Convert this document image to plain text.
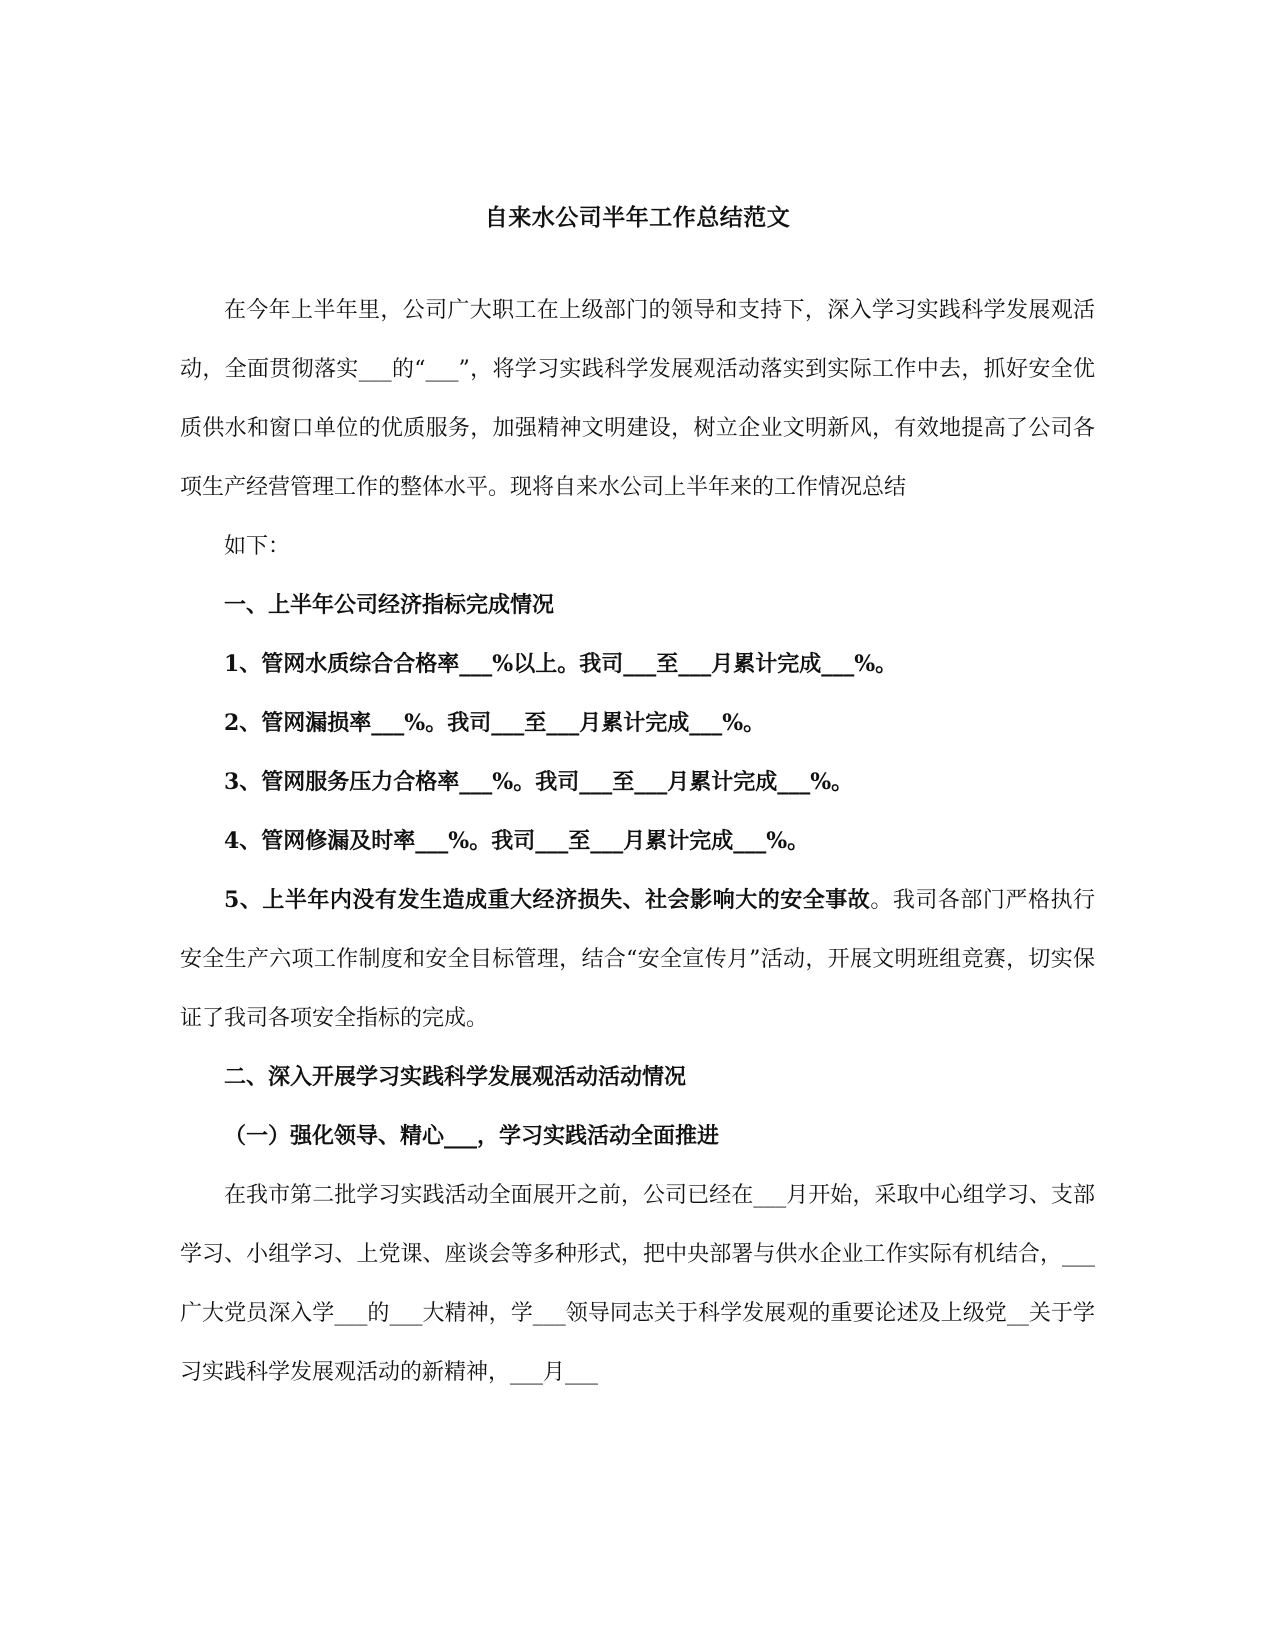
自来水公司半年工作总结范文

在今年上半年里，公司广大职工在上级部门的领导和支持下，深入学习实践科学发展观活动，全面贯彻落实___的“___”，将学习实践科学发展观活动落实到实际工作中去，抓好安全优质供水和窗口单位的优质服务，加强精神文明建设，树立企业文明新风，有效地提高了公司各项生产经营管理工作的整体水平。现将自来水公司上半年来的工作情况总结

如下：

一、上半年公司经济指标完成情况

1、管网水质综合合格率___%以上。我司___至___月累计完成___%。

2、管网漏损率___%。我司___至___月累计完成___%。

3、管网服务压力合格率___%。我司___至___月累计完成___%。

4、管网修漏及时率___%。我司___至___月累计完成___%。

5、上半年内没有发生造成重大经济损失、社会影响大的安全事故。我司各部门严格执行安全生产六项工作制度和安全目标管理，结合“安全宣传月”活动，开展文明班组竞赛，切实保证了我司各项安全指标的完成。

二、深入开展学习实践科学发展观活动活动情况

（一）强化领导、精心___，学习实践活动全面推进

在我市第二批学习实践活动全面展开之前，公司已经在___月开始，采取中心组学习、支部学习、小组学习、上党课、座谈会等多种形式，把中央部署与供水企业工作实际有机结合，___广大党员深入学___的___大精神，学___领导同志关于科学发展观的重要论述及上级党__关于学习实践科学发展观活动的新精神，___月___
